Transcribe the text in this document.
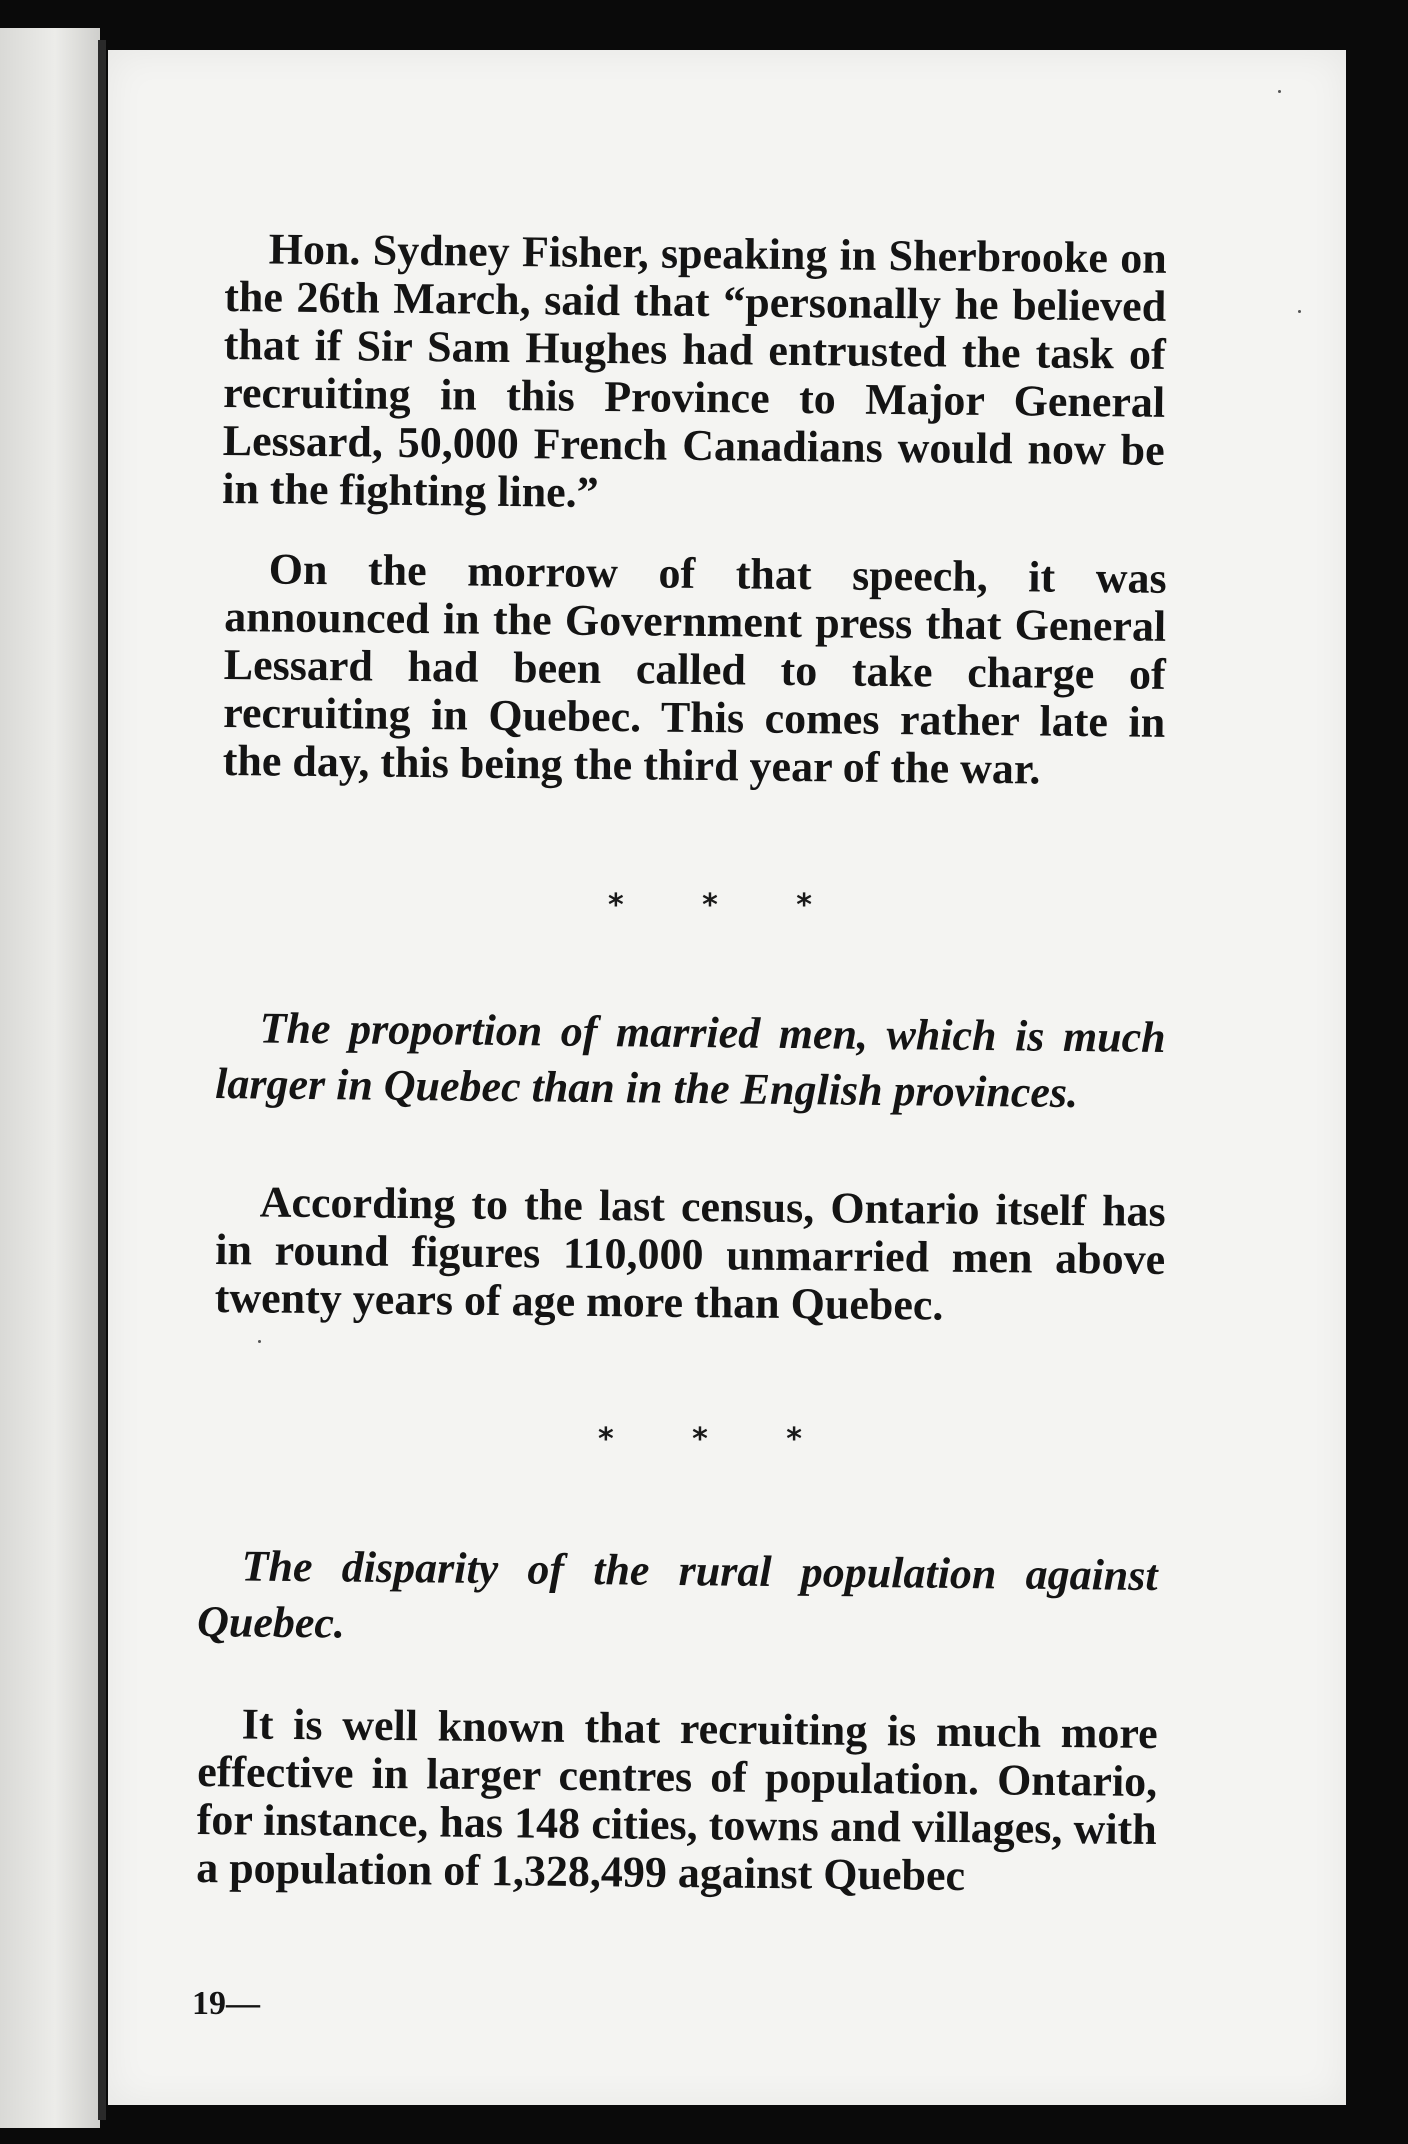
Hon. Sydney Fisher, speaking in Sherbrooke on the 26th March, said that “personally he believed that if Sir Sam Hughes had entrusted the task of recruiting in this Province to Major General Lessard, 50,000 French Canadians would now be in the fighting line.”

On the morrow of that speech, it was announced in the Government press that General Lessard had been called to take charge of recruiting in Quebec. This comes rather late in the day, this being the third year of the war.

* * *

The proportion of married men, which is much larger in Quebec than in the English provinces.

According to the last census, Ontario itself has in round figures 110,000 unmarried men above twenty years of age more than Quebec.

* * *

The disparity of the rural population against Quebec.

It is well known that recruiting is much more effective in larger centres of population. Ontario, for instance, has 148 cities, towns and villages, with a population of 1,328,499 against Quebec

19—
